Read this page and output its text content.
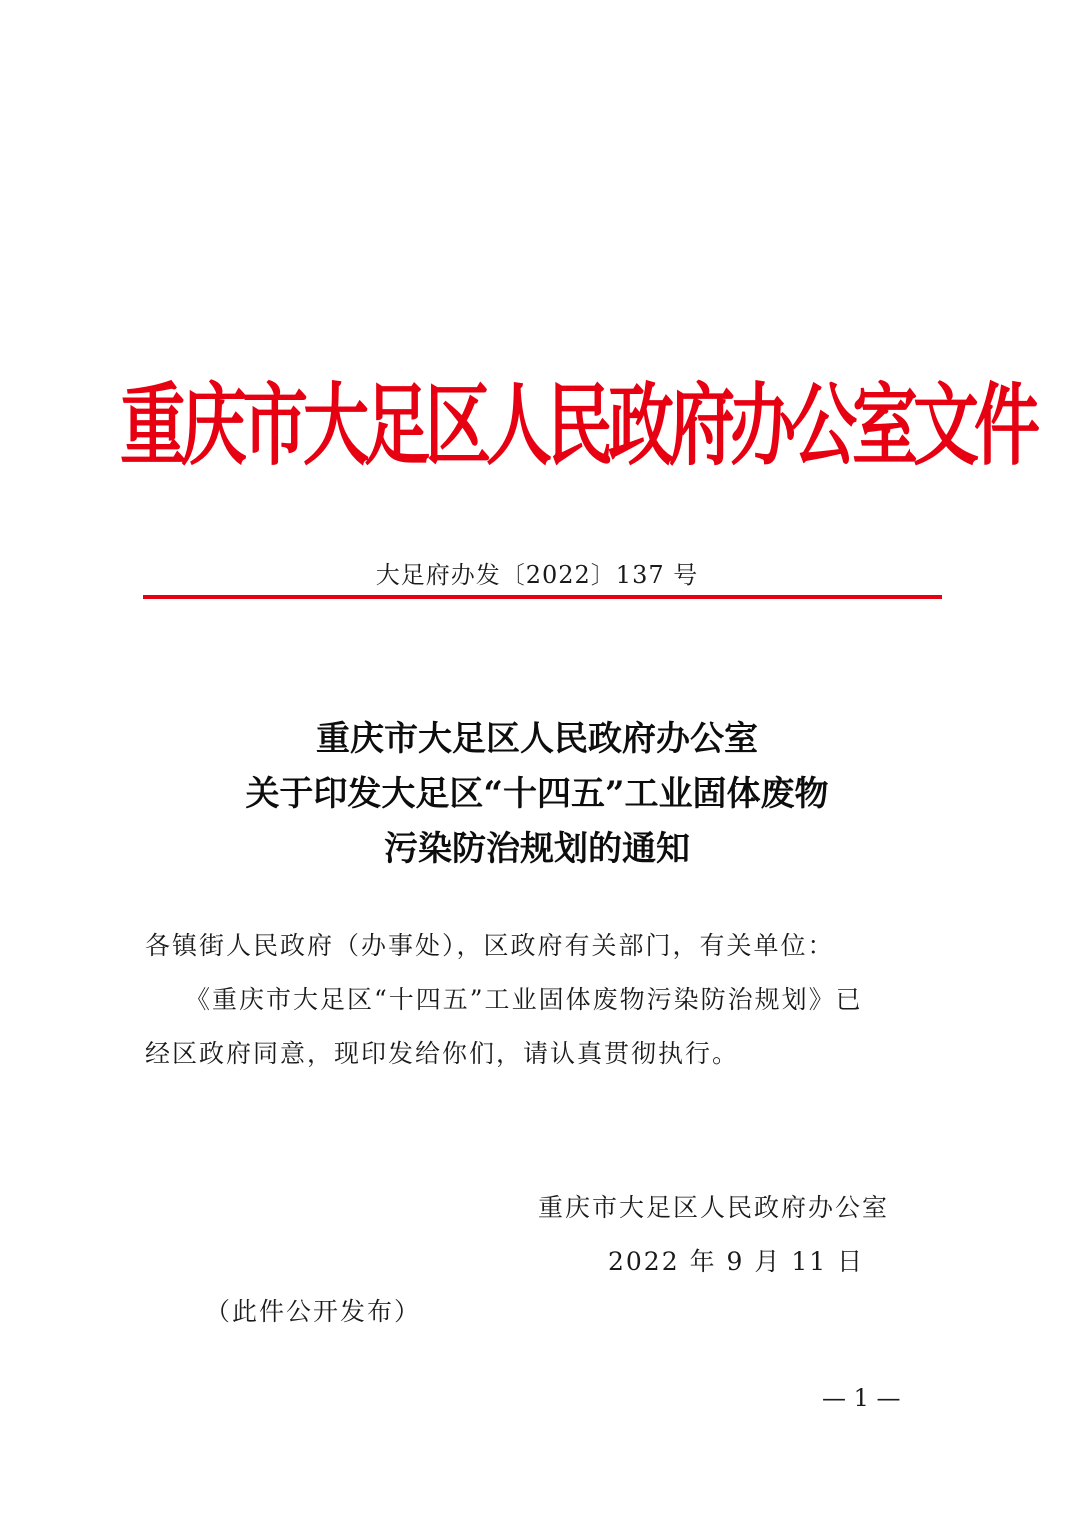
重庆市大足区人民政府办公室文件
大足府办发〔2022〕137 号
重庆市大足区人民政府办公室
关于印发大足区“十四五”工业固体废物
污染防治规划的通知
各镇街人民政府（办事处），区政府有关部门，有关单位：
《重庆市大足区“十四五”工业固体废物污染防治规划》已
经区政府同意，现印发给你们，请认真贯彻执行。
重庆市大足区人民政府办公室
2022 年 9 月 11 日
（此件公开发布）
— 1 —
